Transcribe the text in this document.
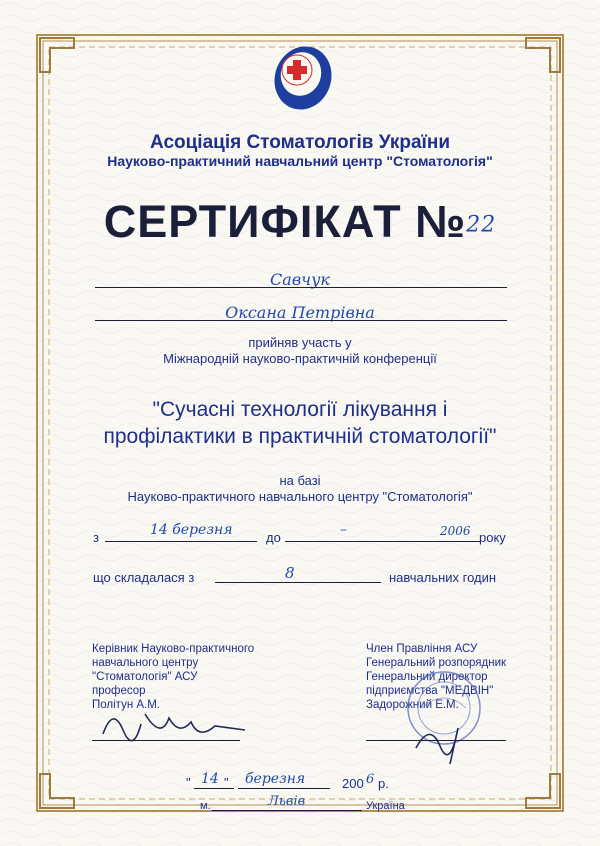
Асоціація Стоматологів України
Науково-практичний навчальний центр "Стоматологія"
СЕРТИФІКАТ №22
Савчук
Оксана Петрівна
прийняв участь у
Міжнародній науково-практичній конференції
"Сучасні технології лікування і
профілактики в практичній стоматології"
на базі
Науково-практичного навчального центру "Стоматологія"
з	14 березня	до	–	2006 року
що складалася з	8	навчальних годин
Керівник Науково-практичного
навчального центру
"Стоматологія" АСУ
професор
Політун А.М.
Член Правління АСУ
Генеральний розпорядник
Генеральний директор
підприємства "МЕДВІН"
Задорожний Е.М.
" 14 " березня	200 6 р.
м.	Львів	Україна
